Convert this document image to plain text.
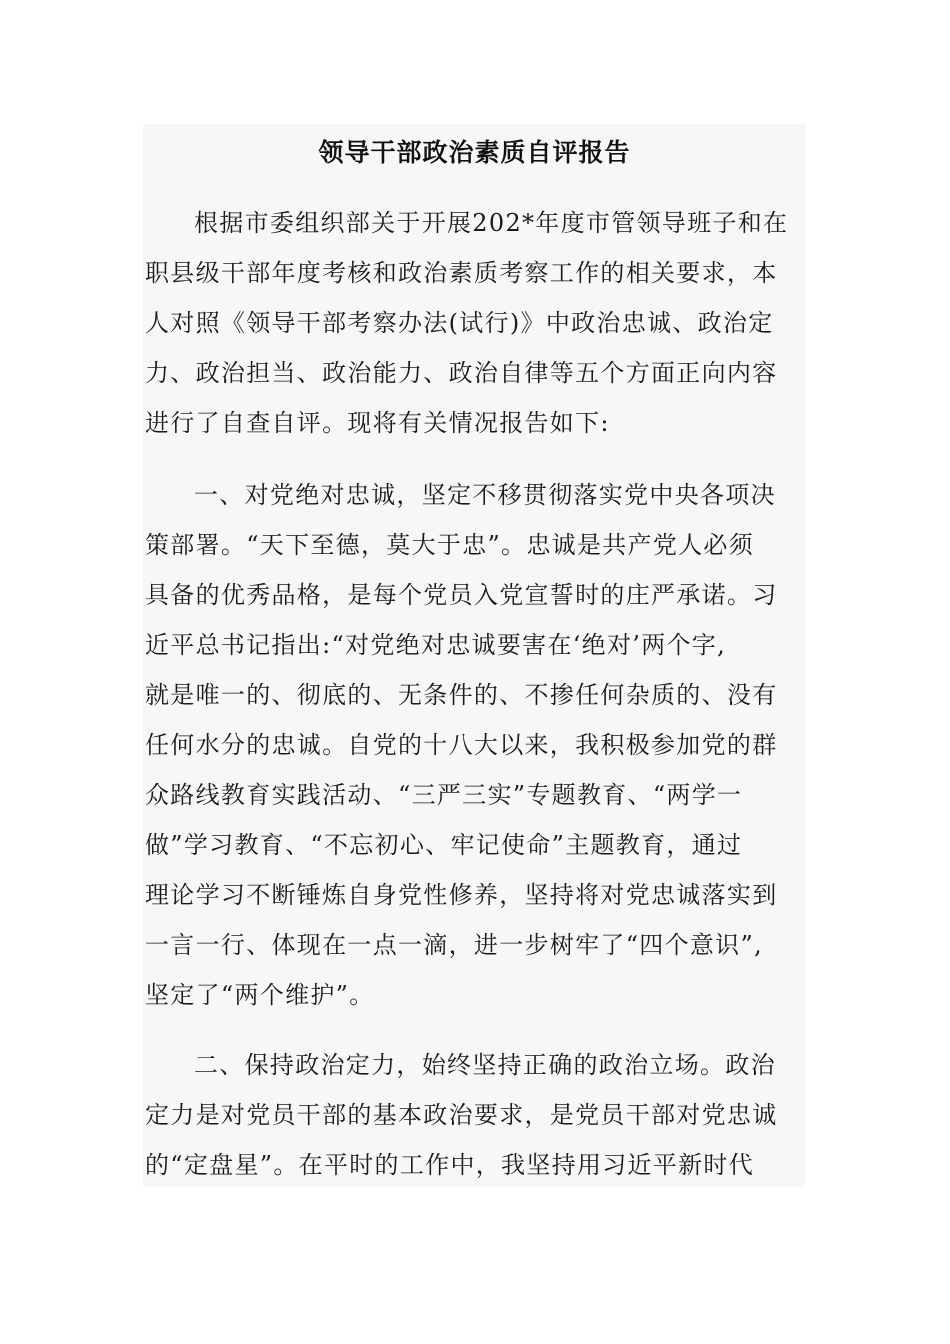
领导干部政治素质自评报告
根据市委组织部关于开展202*年度市管领导班子和在
职县级干部年度考核和政治素质考察工作的相关要求，本
人对照《领导干部考察办法(试行)》中政治忠诚、政治定
力、政治担当、政治能力、政治自律等五个方面正向内容
进行了自查自评。现将有关情况报告如下:
一、对党绝对忠诚，坚定不移贯彻落实党中央各项决
策部署。“天下至德，莫大于忠”。忠诚是共产党人必须
具备的优秀品格，是每个党员入党宣誓时的庄严承诺。习
近平总书记指出:“对党绝对忠诚要害在‘绝对’两个字,
就是唯一的、彻底的、无条件的、不掺任何杂质的、没有
任何水分的忠诚。自党的十八大以来，我积极参加党的群
众路线教育实践活动、“三严三实”专题教育、“两学一
做”学习教育、“不忘初心、牢记使命”主题教育，通过
理论学习不断锤炼自身党性修养，坚持将对党忠诚落实到
一言一行、体现在一点一滴，进一步树牢了“四个意识”,
坚定了“两个维护”。
二、保持政治定力，始终坚持正确的政治立场。政治
定力是对党员干部的基本政治要求，是党员干部对党忠诚
的“定盘星”。在平时的工作中，我坚持用习近平新时代
